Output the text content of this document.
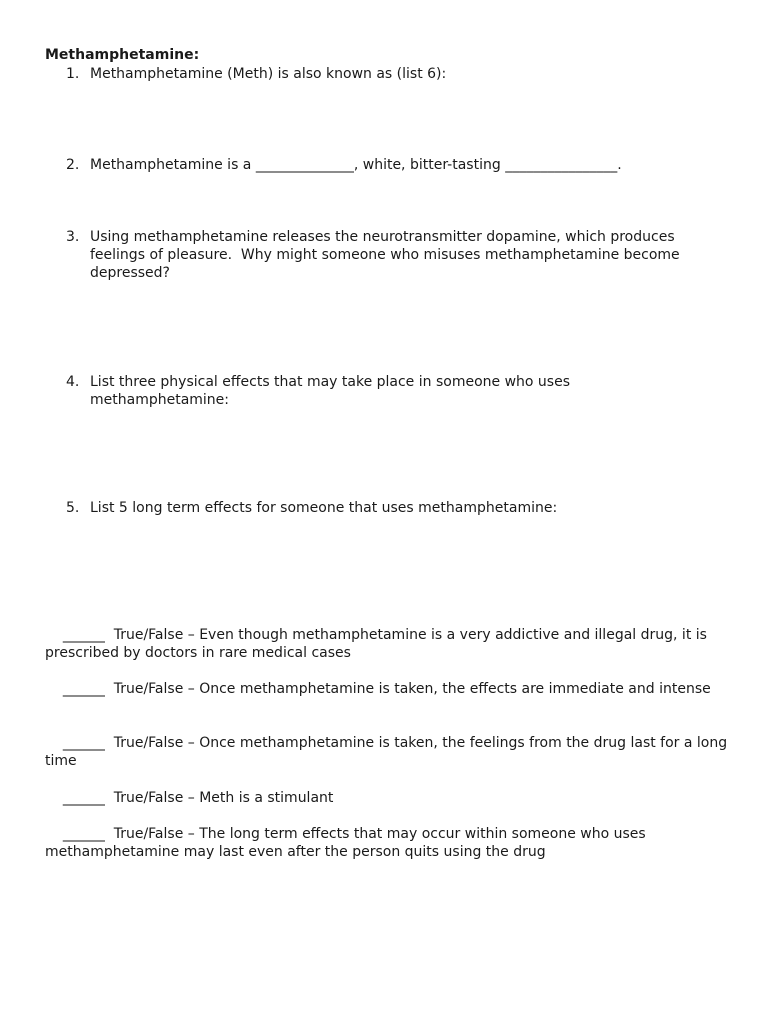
Methamphetamine:
1. Methamphetamine (Meth) is also known as (list 6):
2. Methamphetamine is a ______________, white, bitter-tasting ________________.
3. Using methamphetamine releases the neurotransmitter dopamine, which produces feelings of pleasure.  Why might someone who misuses methamphetamine become depressed?
4. List three physical effects that may take place in someone who uses methamphetamine:
5. List 5 long term effects for someone that uses methamphetamine:

______  True/False – Even though methamphetamine is a very addictive and illegal drug, it is prescribed by doctors in rare medical cases

______  True/False – Once methamphetamine is taken, the effects are immediate and intense

______  True/False – Once methamphetamine is taken, the feelings from the drug last for a long time

______  True/False – Meth is a stimulant

______  True/False – The long term effects that may occur within someone who uses methamphetamine may last even after the person quits using the drug
